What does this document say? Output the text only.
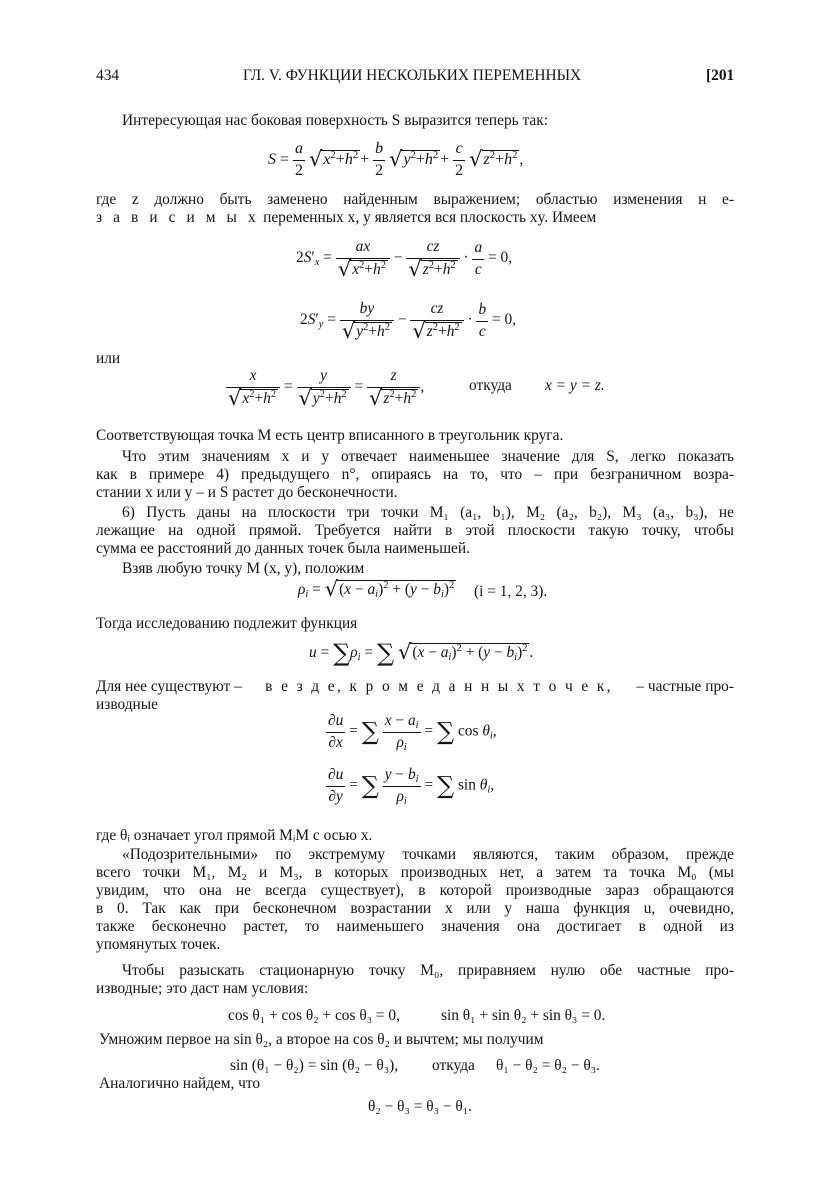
434	ГЛ. V. ФУНКЦИИ НЕСКОЛЬКИХ ПЕРЕМЕННЫХ	[201
Интересующая нас боковая поверхность S выразится теперь так:
$S = \frac{a}{2} √x^2+h^2 + \frac{b}{2} √y^2+h^2 + \frac{c}{2} √z^2+h^2$ ,
где z должно быть заменено найденным выражением; областью изменения н е-
з а в и с и м ы х переменных x, y является вся плоскость xy. Имеем
$2S'_x = \frac{ax}{√x^2+h^2} - \frac{cz}{√z^2+h^2} \cdot \frac{a}{c} = 0$,
$2S'_y = \frac{by}{√y^2+h^2} - \frac{cz}{√z^2+h^2} \cdot \frac{b}{c} = 0$,
или
$\frac{x}{√x^2+h^2} = \frac{y}{√y^2+h^2} = \frac{z}{√z^2+h^2}$ ,	откуда x = y = z.
Соответствующая точка M есть центр вписанного в треугольник круга.
Что этим значениям x и y отвечает наименьшее значение для S, легко показать
как в примере 4) предыдущего n°, опираясь на то, что – при безграничном возра-
стании x или y – и S растет до бесконечности.
6) Пусть даны на плоскости три точки M₁ (a₁, b₁), M₂ (a₂, b₂), M₃ (a₃, b₃), не
лежащие на одной прямой. Требуется найти в этой плоскости такую точку, чтобы
сумма ее расстояний до данных точек была наименьшей.
Взяв любую точку M (x, y), положим
$\rho_i = √(x - a_i)^2 + (y - b_i)^2$ (i = 1, 2, 3).
Тогда исследованию подлежит функция
$u = \sum\rho_i$ = ∑ $√(x - a_i)^2 + (y - b_i)^2$ .
Для нее существуют – в е з д е, к р о м е д а н н ы х т о ч е к, – частные про-
изводные
$\frac{\partial u}{\partial x}$ = ∑ $\frac{x - a_i}{\rho_i}$ = ∑ $\cos \theta_i$,
$\frac{\partial u}{\partial y}$ = ∑ $\frac{y - b_i}{\rho_i}$ = ∑ $\sin \theta_i$,
где θᵢ означает угол прямой MᵢM с осью x.
«Подозрительными» по экстремуму точками являются, таким образом, прежде
всего точки M₁, M₂ и M₃, в которых производных нет, а затем та точка M₀ (мы
увидим, что она не всегда существует), в которой производные зараз обращаются
в 0. Так как при бесконечном возрастании x или y наша функция u, очевидно,
также бесконечно растет, то наименьшего значения она достигает в одной из
упомянутых точек.
Чтобы разыскать стационарную точку M₀, приравняем нулю обе частные про-
изводные; это даст нам условия:
cos θ₁ + cos θ₂ + cos θ₃ = 0,	sin θ₁ + sin θ₂ + sin θ₃ = 0.
Умножим первое на sin θ₂, а второе на cos θ₂ и вычтем; мы получим
sin (θ₁ − θ₂) = sin (θ₂ − θ₃), откуда θ₁ − θ₂ = θ₂ − θ₃.
Аналогично найдем, что
θ₂ − θ₃ = θ₃ − θ₁.
